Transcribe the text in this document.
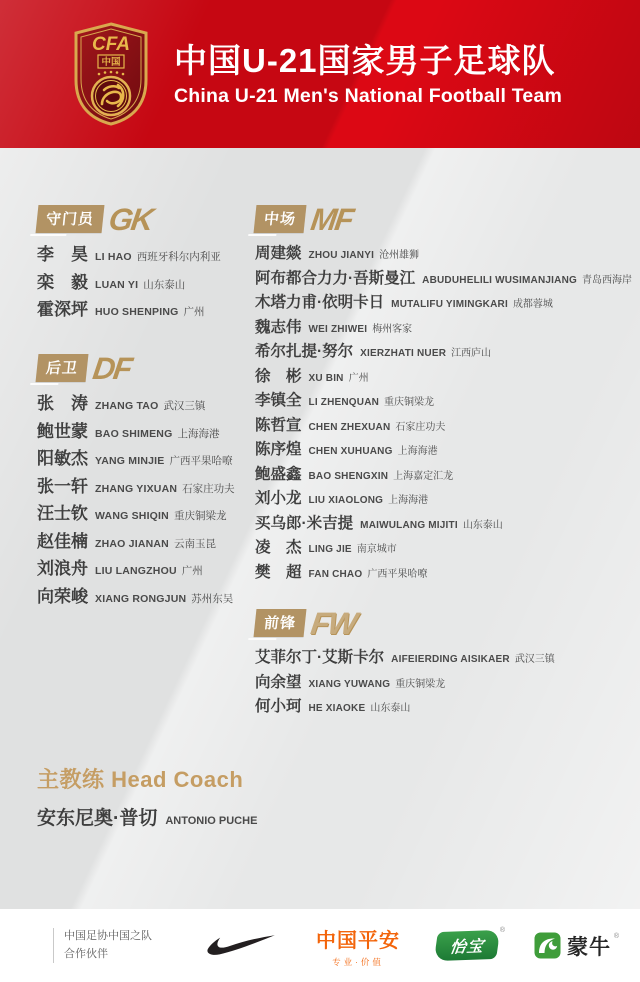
CFA
中国 中国U-21国家男子足球队
China U-21 Men's National Football Team
守门员 GK
李　昊 LI HAO 西班牙科尔内利亚
栾　毅 LUAN YI 山东泰山
霍深坪 HUO SHENPING 广州
后卫 DF
张　涛 ZHANG TAO 武汉三镇
鲍世蒙 BAO SHIMENG 上海海港
阳敏杰 YANG MINJIE 广西平果哈嘹
张一轩 ZHANG YIXUAN 石家庄功夫
汪士钦 WANG SHIQIN 重庆铜梁龙
赵佳楠 ZHAO JIANAN 云南玉昆
刘浪舟 LIU LANGZHOU 广州
向荣峻 XIANG RONGJUN 苏州东吴
中场 MF
周建燚 ZHOU JIANYI 沧州雄狮
阿布都合力力·吾斯曼江 ABUDUHELILI WUSIMANJIANG 青岛西海岸
木塔力甫·依明卡日 MUTALIFU YIMINGKARI 成都蓉城
魏志伟 WEI ZHIWEI 梅州客家
希尔扎提·努尔 XIERZHATI NUER 江西庐山
徐　彬 XU BIN 广州
李镇全 LI ZHENQUAN 重庆铜梁龙
陈哲宣 CHEN ZHEXUAN 石家庄功夫
陈序煌 CHEN XUHUANG 上海海港
鲍盛鑫 BAO SHENGXIN 上海嘉定汇龙
刘小龙 LIU XIAOLONG 上海海港
买乌郎·米吉提 MAIWULANG MIJITI 山东泰山
凌　杰 LING JIE 南京城市
樊　超 FAN CHAO 广西平果哈嘹
前锋 FW
艾菲尔丁·艾斯卡尔 AIFEIERDING AISIKAER 武汉三镇
向余望 XIANG YUWANG 重庆铜梁龙
何小珂 HE XIAOKE 山东泰山
主教练 Head Coach
安东尼奥·普切 ANTONIO PUCHE
中国足协中国之队
合作伙伴
中国平安
专业·价值
怡宝
®
蒙牛 ®
